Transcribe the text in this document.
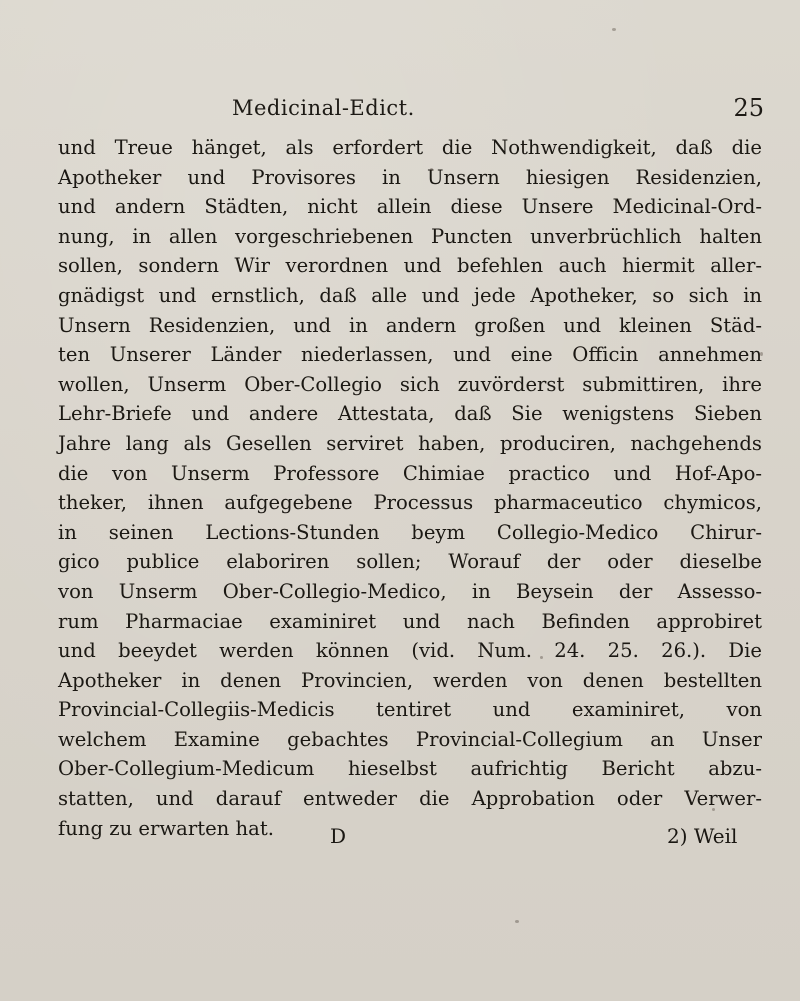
Medicinal-Edict.	25
und Treue hänget, als erfordert die Nothwendigkeit, daß die
Apotheker und Provisores in Unsern hiesigen Residenzien,
und andern Städten, nicht allein diese Unsere Medicinal-Ord-
nung, in allen vorgeschriebenen Puncten unverbrüchlich halten
sollen, sondern Wir verordnen und befehlen auch hiermit aller-
gnädigst und ernstlich, daß alle und jede Apotheker, so sich in
Unsern Residenzien, und in andern großen und kleinen Städ-
ten Unserer Länder niederlassen, und eine Officin annehmen
wollen, Unserm Ober-Collegio sich zuvörderst submittiren, ihre
Lehr-Briefe und andere Attestata, daß Sie wenigstens Sieben
Jahre lang als Gesellen serviret haben, produciren, nachgehends
die von Unserm Professore Chimiae practico und Hof-Apo-
theker, ihnen aufgegebene Processus pharmaceutico chymicos,
in seinen Lections-Stunden beym Collegio-Medico Chirur-
gico publice elaboriren sollen; Worauf der oder dieselbe
von Unserm Ober-Collegio-Medico, in Beysein der Assesso-
rum Pharmaciae examiniret und nach Befinden approbiret
und beeydet werden können (vid. Num. 24. 25. 26.). Die
Apotheker in denen Provincien, werden von denen bestellten
Provincial-Collegiis-Medicis tentiret und examiniret, von
welchem Examine gebachtes Provincial-Collegium an Unser
Ober-Collegium-Medicum hieselbst aufrichtig Bericht abzu-
statten, und darauf entweder die Approbation oder Verwer-
fung zu erwarten hat.	D	2) Weil
